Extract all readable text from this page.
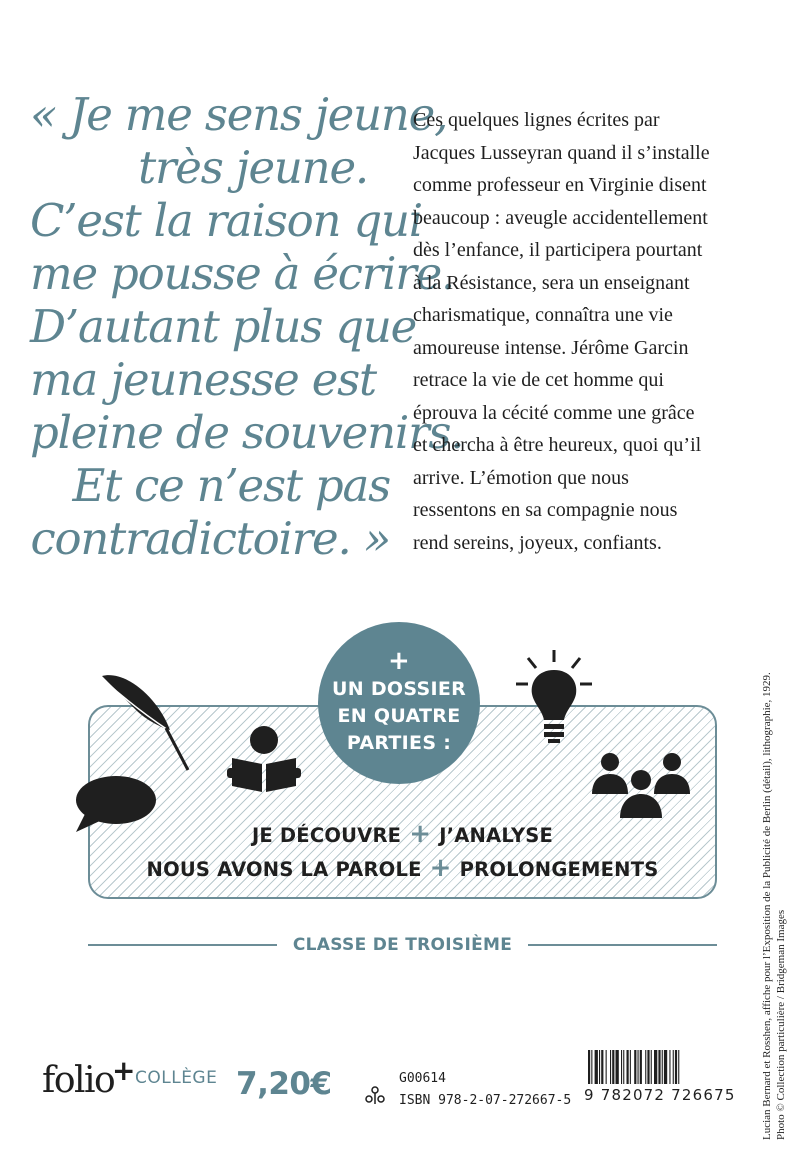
« Je me sens jeune,
très jeune.
C’est la raison qui
me pousse à écrire.
D’autant plus que
ma jeunesse est
pleine de souvenirs.
Et ce n’est pas
contradictoire. »
Ces quelques lignes écrites par
Jacques Lusseyran quand il s’installe
comme professeur en Virginie disent
beaucoup : aveugle accidentellement
dès l’enfance, il participera pourtant
à la Résistance, sera un enseignant
charismatique, connaîtra une vie
amoureuse intense. Jérôme Garcin
retrace la vie de cet homme qui
éprouva la cécité comme une grâce
et chercha à être heureux, quoi qu’il
arrive. L’émotion que nous
ressentons en sa compagnie nous
rend sereins, joyeux, confiants.
+
UN DOSSIER
EN QUATRE
PARTIES :
JE DÉCOUVRE + J’ANALYSE
NOUS AVONS LA PAROLE + PROLONGEMENTS
CLASSE DE TROISIÈME
folio
+ COLLÈGE 7,20€	G00614
ISBN 978-2-07-272667-5 9 782072 726675 Lucian Bernard et Rosshen, affiche pour l’Exposition de la Publicité de Berlin (détail), lithographie, 1929. Photo © Collection particulière / Bridgeman Images
